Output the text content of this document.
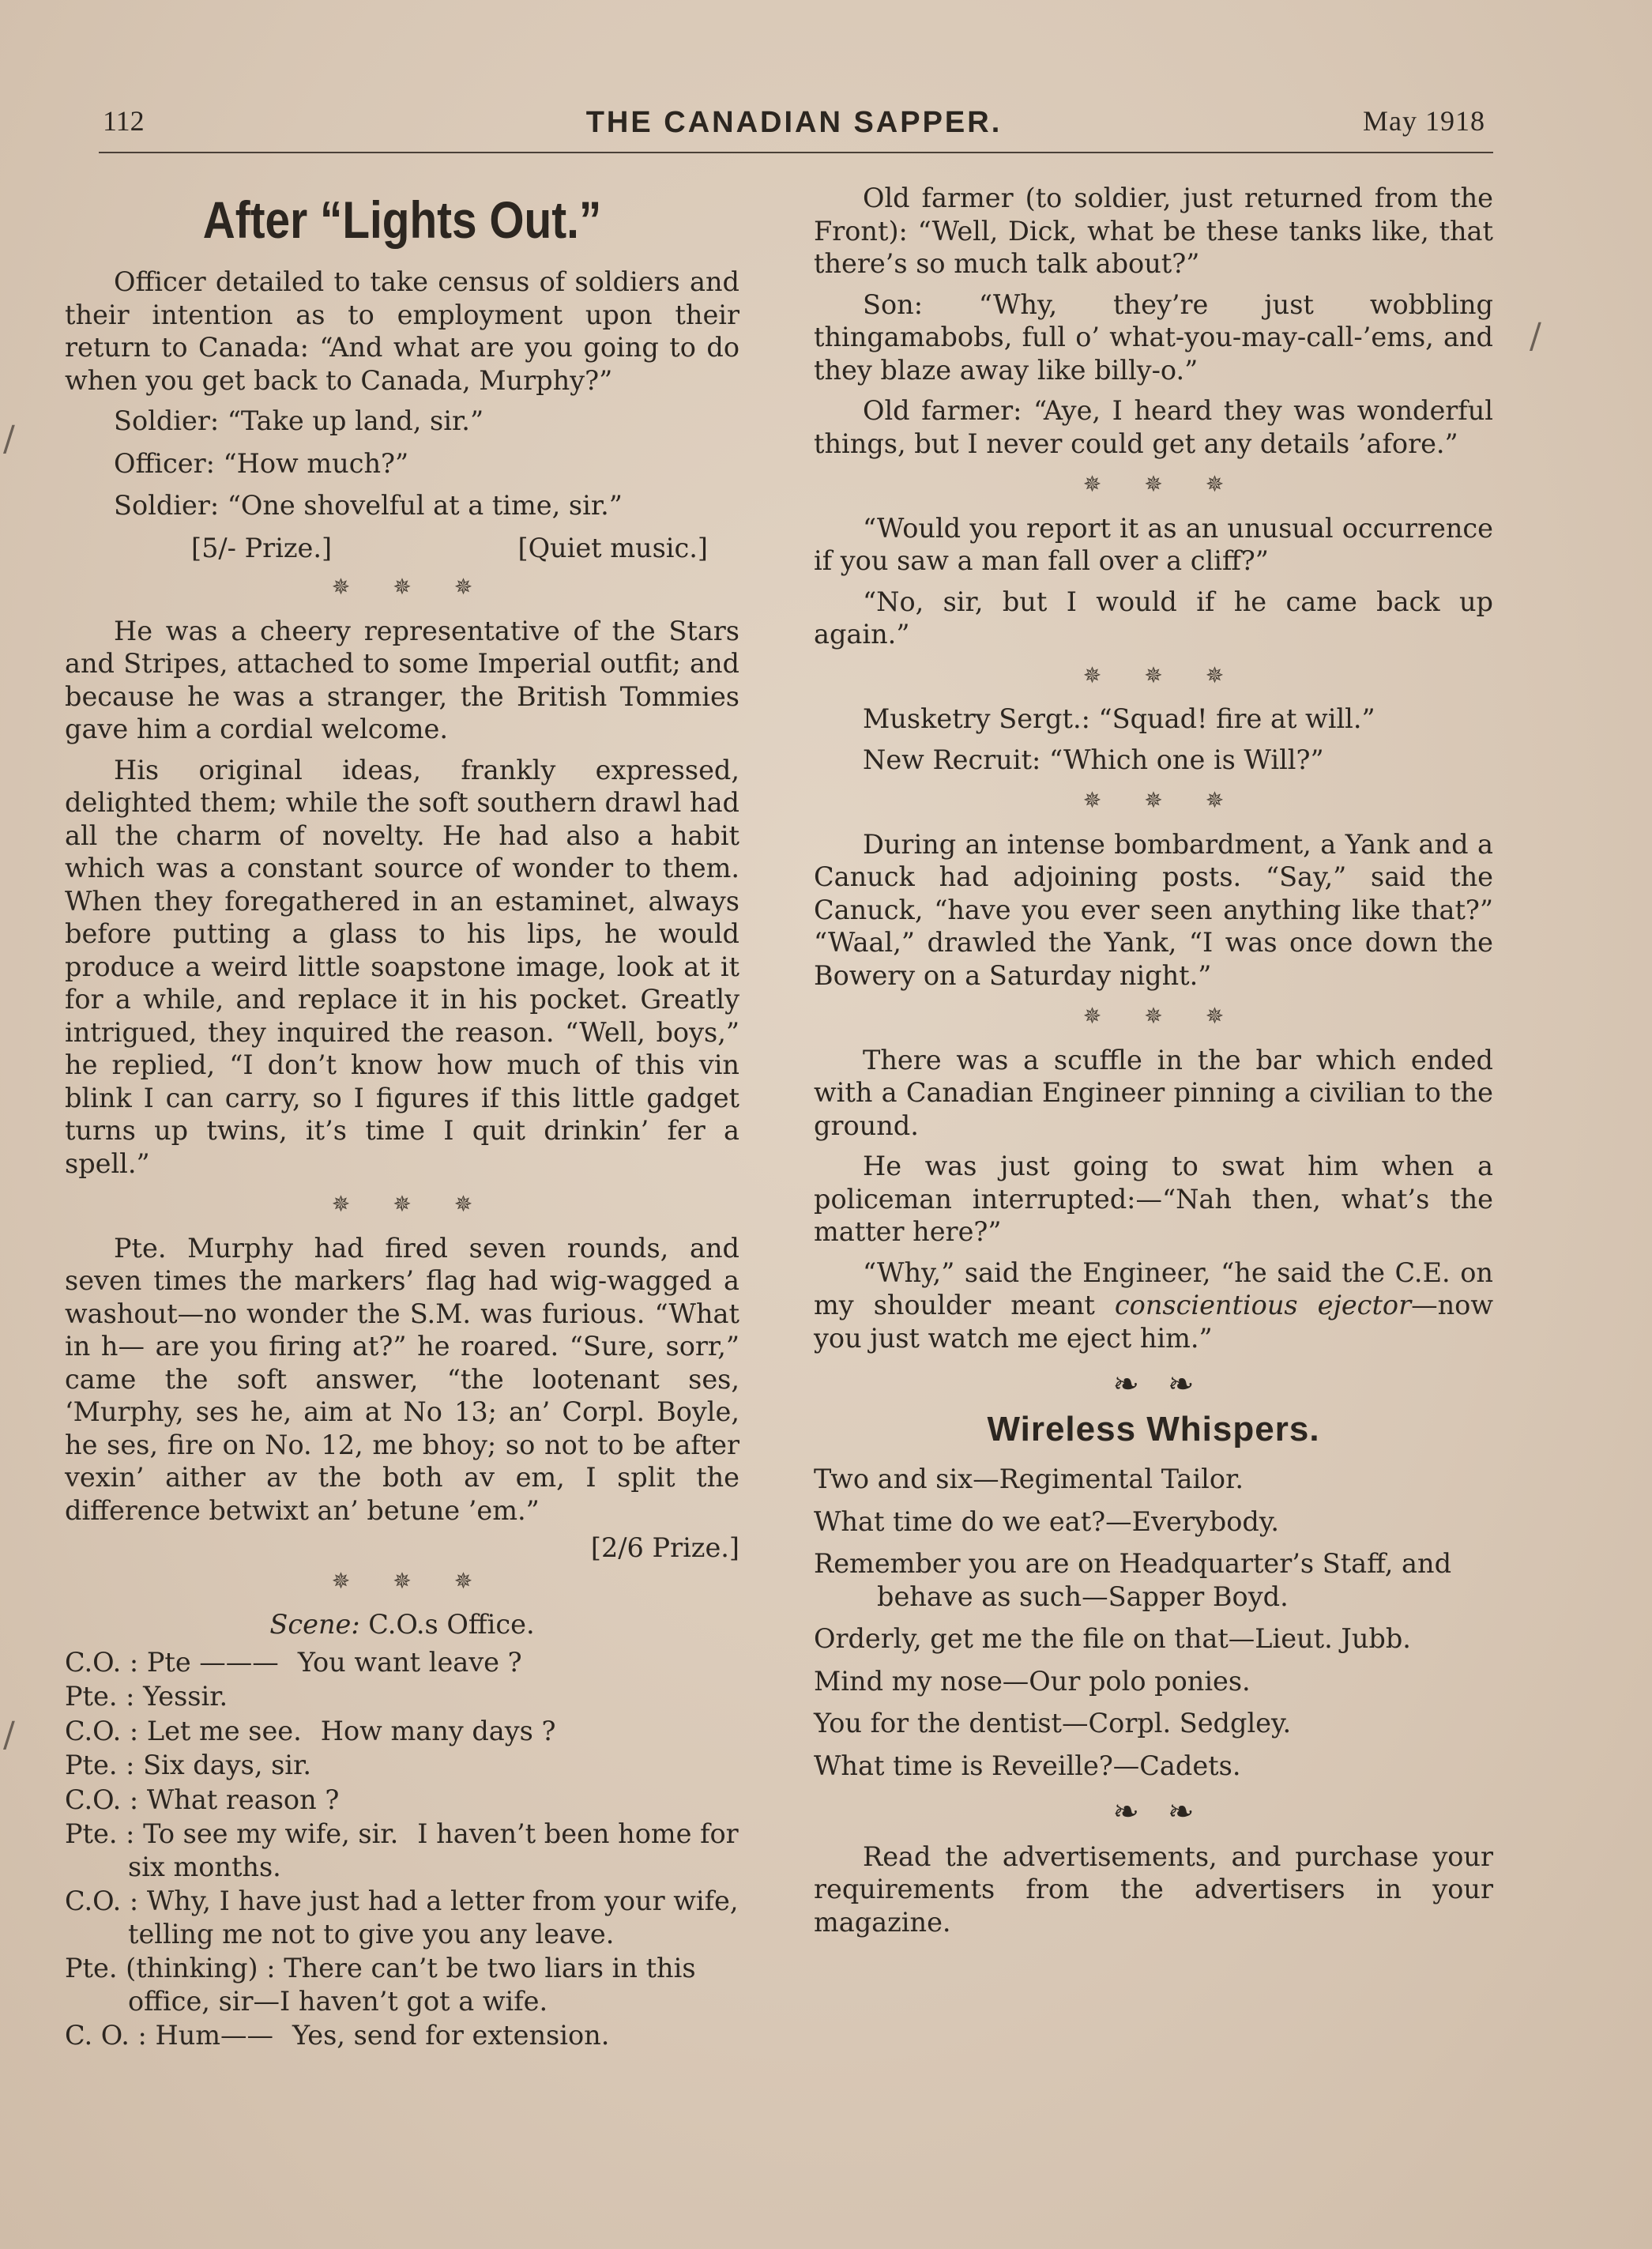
112	THE CANADIAN SAPPER.	May 1918
After “Lights Out.”

Officer detailed to take census of soldiers and their intention as to employment upon their return to Canada: “And what are you going to do when you get back to Canada, Murphy?”

Soldier: “Take up land, sir.”

Officer: “How much?”

Soldier: “One shovelful at a time, sir.”

[5/- Prize.]	[Quiet music.]
✵✵✵

He was a cheery representative of the Stars and Stripes, attached to some Imperial outfit; and because he was a stranger, the British Tommies gave him a cordial welcome.

His original ideas, frankly expressed, delighted them; while the soft southern drawl had all the charm of novelty. He had also a habit which was a constant source of wonder to them. When they foregathered in an estaminet, always before putting a glass to his lips, he would produce a weird little soapstone image, look at it for a while, and replace it in his pocket. Greatly intrigued, they inquired the reason. “Well, boys,” he replied, “I don’t know how much of this vin blink I can carry, so I figures if this little gadget turns up twins, it’s time I quit drinkin’ fer a spell.”

✵✵✵

Pte. Murphy had fired seven rounds, and seven times the markers’ flag had wig-wagged a washout—no wonder the S.M. was furious. “What in h— are you firing at?” he roared. “Sure, sorr,” came the soft answer, “the lootenant ses, ‘Murphy, ses he, aim at No 13; an’ Corpl. Boyle, he ses, fire on No. 12, me bhoy; so not to be after vexin’ aither av the both av em, I split the difference betwixt an’ betune ’em.”

[2/6 Prize.]
✵✵✵
Scene: C.O.s Office.
C.O. : Pte ——— You want leave ?
Pte. : Yessir.
C.O. : Let me see. How many days ?
Pte. : Six days, sir.
C.O. : What reason ?
Pte. : To see my wife, sir. I haven’t been home for six months.
C.O. : Why, I have just had a letter from your wife, telling me not to give you any leave.
Pte. (thinking) : There can’t be two liars in this office, sir—I haven’t got a wife.
C. O. : Hum—— Yes, send for extension.

Old farmer (to soldier, just returned from the Front): “Well, Dick, what be these tanks like, that there’s so much talk about?”

Son: “Why, they’re just wobbling thingamabobs, full o’ what-you-may-call-’ems, and they blaze away like billy-o.”

Old farmer: “Aye, I heard they was wonderful things, but I never could get any details ’afore.”

✵✵✵

“Would you report it as an unusual occurrence if you saw a man fall over a cliff?”

“No, sir, but I would if he came back up again.”

✵✵✵

Musketry Sergt.: “Squad! fire at will.”

New Recruit: “Which one is Will?”

✵✵✵

During an intense bombardment, a Yank and a Canuck had adjoining posts. “Say,” said the Canuck, “have you ever seen anything like that?” “Waal,” drawled the Yank, “I was once down the Bowery on a Saturday night.”

✵✵✵

There was a scuffle in the bar which ended with a Canadian Engineer pinning a civilian to the ground.

He was just going to swat him when a policeman interrupted:—“Nah then, what’s the matter here?”

“Why,” said the Engineer, “he said the C.E. on my shoulder meant conscientious ejector—now you just watch me eject him.”

❧❧
Wireless Whispers.
Two and six—Regimental Tailor.
What time do we eat?—Everybody.
Remember you are on Headquarter’s Staff, and behave as such—Sapper Boyd.
Orderly, get me the file on that—Lieut. Jubb.
Mind my nose—Our polo ponies.
You for the dentist—Corpl. Sedgley.
What time is Reveille?—Cadets.
❧❧

Read the advertisements, and purchase your requirements from the advertisers in your magazine.

/
/
/
